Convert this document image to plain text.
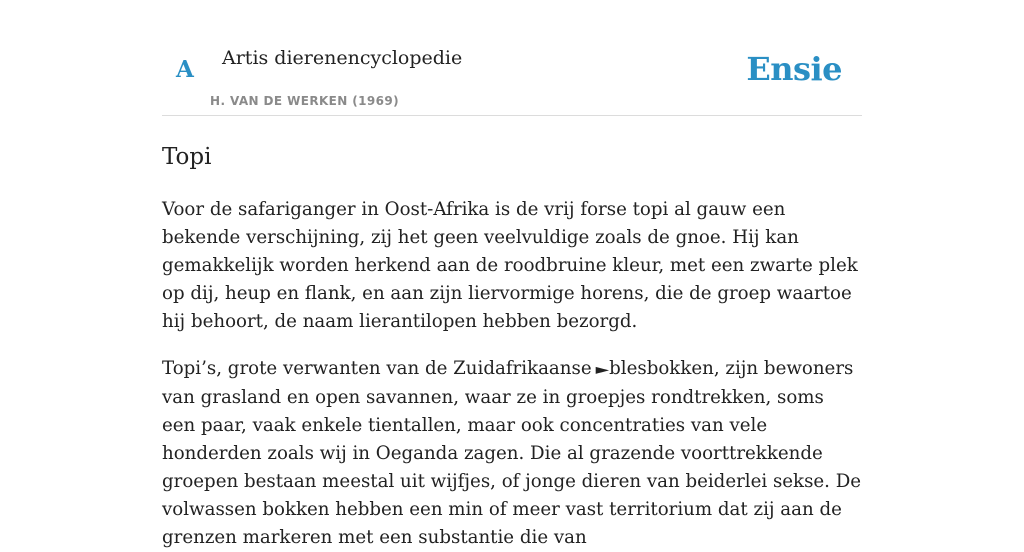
A Artis dierenencyclopedie
H. VAN DE WERKEN (1969)
Ensie
Topi

Voor de safariganger in Oost-Afrika is de vrij forse topi al gauw een bekende verschijning, zij het geen veelvuldige zoals de gnoe. Hij kan gemakkelijk worden herkend aan de roodbruine kleur, met een zwarte plek op dij, heup en flank, en aan zijn liervormige horens, die de groep waartoe hij behoort, de naam lierantilopen hebben bezorgd.

Topi’s, grote verwanten van de Zuidafrikaanse ►blesbokken, zijn bewoners van grasland en open savannen, waar ze in groepjes rondtrekken, soms een paar, vaak enkele tientallen, maar ook concentraties van vele honderden zoals wij in Oeganda zagen. Die al grazende voorttrekkende groepen bestaan meestal uit wijfjes, of jonge dieren van beiderlei sekse. De volwassen bokken hebben een min of meer vast territorium dat zij aan de grenzen markeren met een substantie die van
